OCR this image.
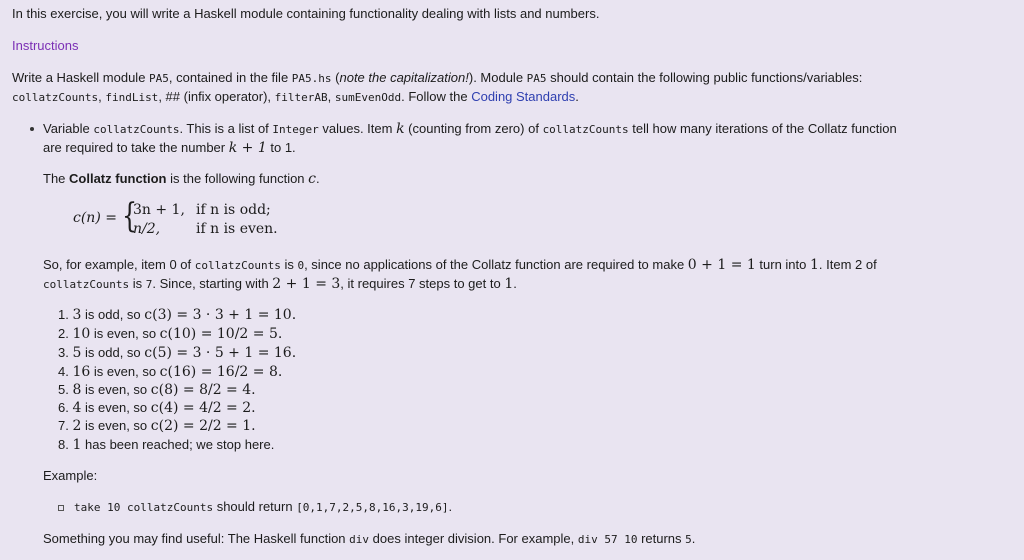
In this exercise, you will write a Haskell module containing functionality dealing with lists and numbers.
Instructions
Write a Haskell module PA5, contained in the file PA5.hs (note the capitalization!). Module PA5 should contain the following public functions/variables:
collatzCounts, findList, ## (infix operator), filterAB, sumEvenOdd. Follow the Coding Standards.
Variable collatzCounts. This is a list of Integer values. Item k (counting from zero) of collatzCounts tell how many iterations of the Collatz function
are required to take the number k + 1 to 1.
The Collatz function is the following function c.
c(n) = {
3n + 1, if n is odd;
n/2,	if n is even.
So, for example, item 0 of collatzCounts is 0, since no applications of the Collatz function are required to make 0 + 1 = 1 turn into 1. Item 2 of
collatzCounts is 7. Since, starting with 2 + 1 = 3, it requires 7 steps to get to 1.
1. 3 is odd, so c(3) = 3 · 3 + 1 = 10.
2. 10 is even, so c(10) = 10/2 = 5.
3. 5 is odd, so c(5) = 3 · 5 + 1 = 16.
4. 16 is even, so c(16) = 16/2 = 8.
5. 8 is even, so c(8) = 8/2 = 4.
6. 4 is even, so c(4) = 4/2 = 2.
7. 2 is even, so c(2) = 2/2 = 1.
8. 1 has been reached; we stop here.
Example:
take 10 collatzCounts should return [0,1,7,2,5,8,16,3,19,6].
Something you may find useful: The Haskell function div does integer division. For example, div 57 10 returns 5.
